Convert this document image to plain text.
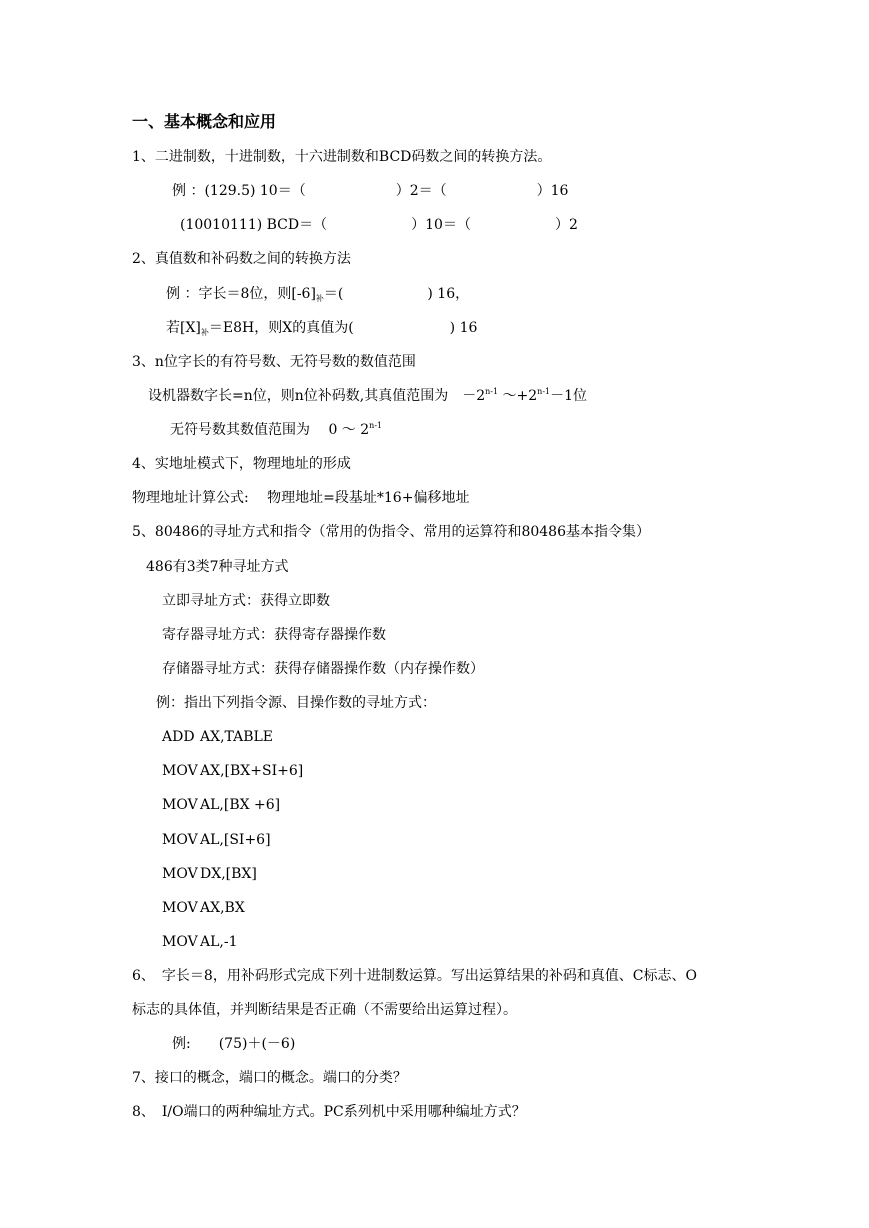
一、基本概念和应用
1、二进制数，十进制数，十六进制数和BCD码数之间的转换方法。
例 ：(129.5) 10＝（	）2＝（	）16
(10010111) BCD＝（	）10＝（	）2
2、真值数和补码数之间的转换方法
例 ：字长＝8位，则$[-6]_补=$(	) 16，
若$[X]_补=E8H$，则X的真值为(	) 16
3、n位字长的有符号数、无符号数的数值范围
设机器数字长=n位，则n位补码数,其真值范围为　$-2^{n-1}$ $\sim+2^{n-1}-1$位
无符号数其数值范围为　 0 ～ 2$^{n-1}$
4、实地址模式下，物理地址的形成
物理地址计算公式:　 物理地址=段基址*16+偏移地址
5、80486的寻址方式和指令（常用的伪指令、常用的运算符和80486基本指令集）
486有3类7种寻址方式
立即寻址方式：获得立即数
寄存器寻址方式：获得寄存器操作数
存储器寻址方式：获得存储器操作数（内存操作数）
例：指出下列指令源、目操作数的寻址方式：
ADD AX,TABLE
MOV AX,[BX+SI+6]
MOV AL,[BX +6]
MOV AL,[SI+6]
MOV DX,[BX]
MOV AX,BX
MOV AL,-1
6、　字长＝8，用补码形式完成下列十进制数运算。写出运算结果的补码和真值、C标志、O
标志的具体值，并判断结果是否正确（不需要给出运算过程）。
例:　　(75)＋(－6)
7、接口的概念，端口的概念。端口的分类？
8、　I/O端口的两种编址方式。PC系列机中采用哪种编址方式？
